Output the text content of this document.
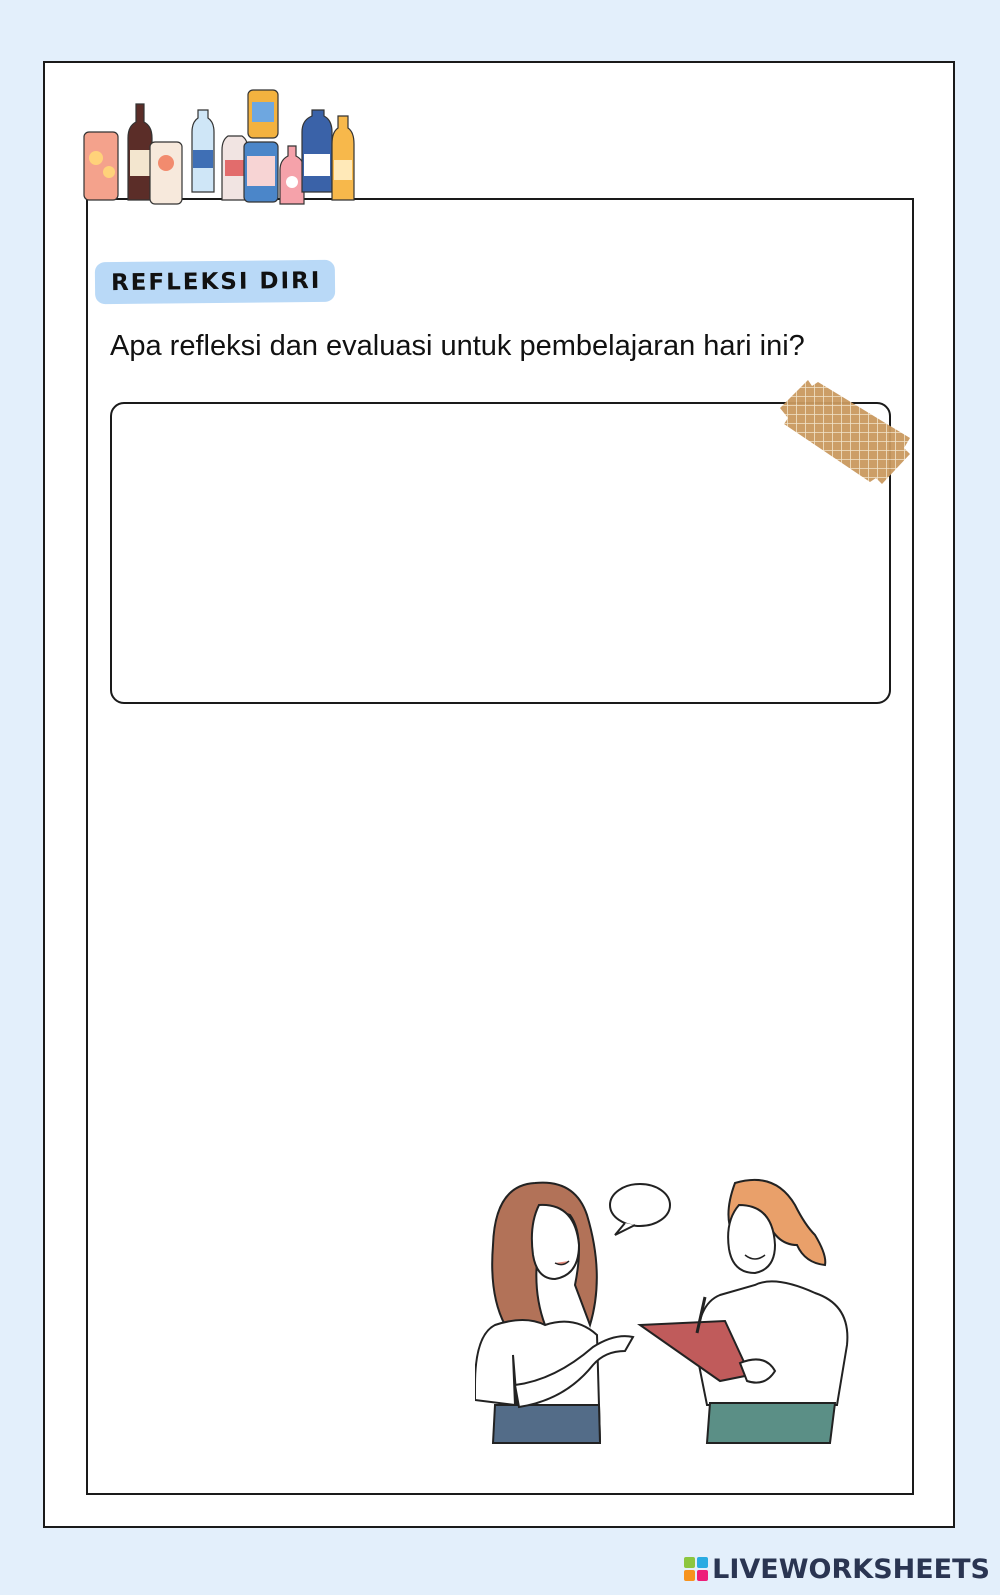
REFLEKSI DIRI
Apa refleksi dan evaluasi untuk pembelajaran hari ini?
LIVEWORKSHEETS
